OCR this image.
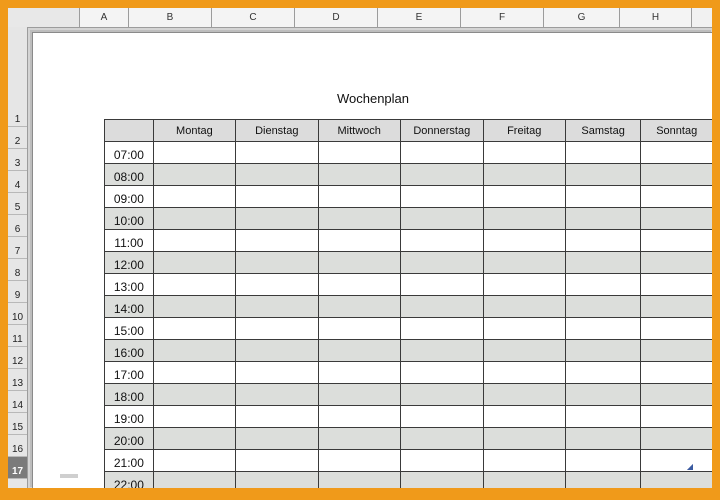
A	B	C	D	E	F	G	H
1
2
3
4
5
6
7
8
9
10
11
12
13
14
15
16
17
Wochenplan
	Montag	Dienstag	Mittwoch	Donnerstag	Freitag	Samstag	Sonntag
07:00							
08:00							
09:00							
10:00							
11:00							
12:00							
13:00							
14:00							
15:00							
16:00							
17:00							
18:00							
19:00							
20:00							
21:00							
22:00							
◢
